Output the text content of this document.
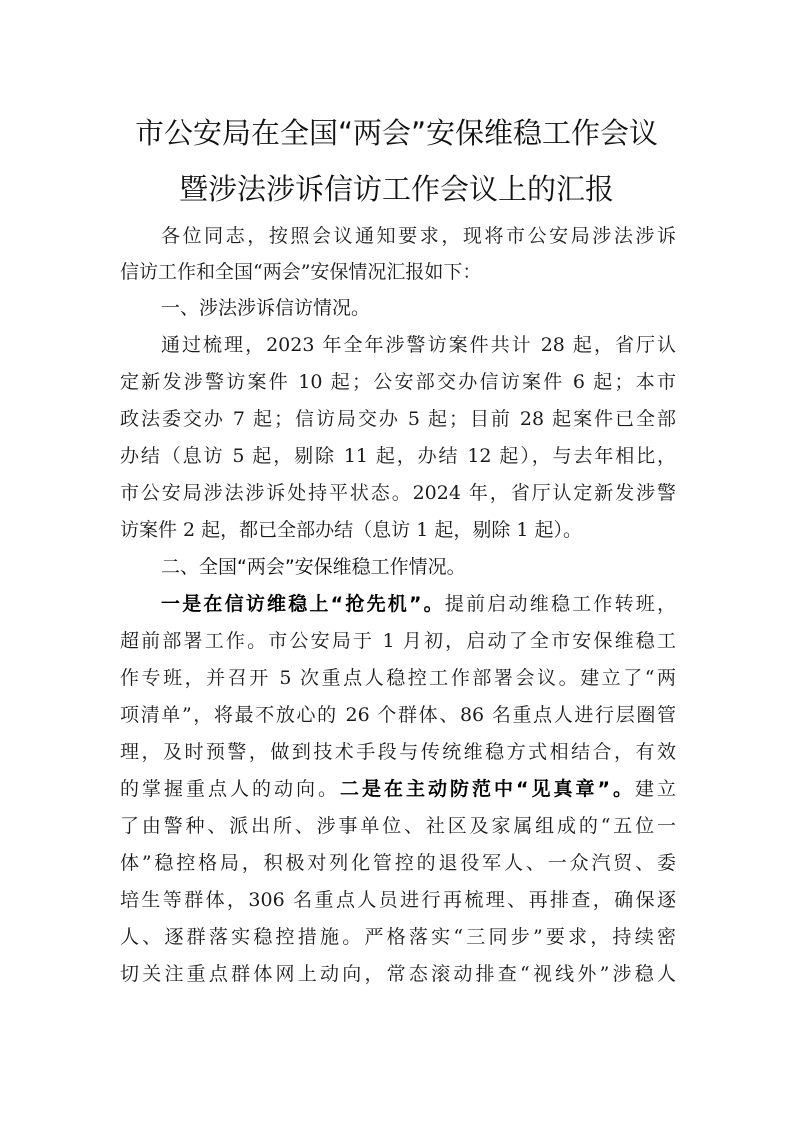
市公安局在全国“两会”安保维稳工作会议
暨涉法涉诉信访工作会议上的汇报
各位同志，按照会议通知要求，现将市公安局涉法涉诉
信访工作和全国“两会”安保情况汇报如下：
一、涉法涉诉信访情况。
通过梳理，2023 年全年涉警访案件共计 28 起，省厅认
定新发涉警访案件 10 起；公安部交办信访案件 6 起；本市
政法委交办 7 起；信访局交办 5 起；目前 28 起案件已全部
办结（息访 5 起，剔除 11 起，办结 12 起），与去年相比，
市公安局涉法涉诉处持平状态。2024 年，省厅认定新发涉警
访案件 2 起，都已全部办结（息访 1 起，剔除 1 起）。
二、全国“两会”安保维稳工作情况。
一是在信访维稳上“抢先机”。提前启动维稳工作转班，
超前部署工作。市公安局于 1 月初，启动了全市安保维稳工
作专班，并召开 5 次重点人稳控工作部署会议。建立了“两
项清单”，将最不放心的 26 个群体、86 名重点人进行层圈管
理，及时预警，做到技术手段与传统维稳方式相结合，有效
的掌握重点人的动向。二是在主动防范中“见真章”。建立
了由警种、派出所、涉事单位、社区及家属组成的“五位一
体”稳控格局，积极对列化管控的退役军人、一众汽贸、委
培生等群体，306 名重点人员进行再梳理、再排查，确保逐
人、逐群落实稳控措施。严格落实“三同步”要求，持续密
切关注重点群体网上动向，常态滚动排查“视线外”涉稳人
